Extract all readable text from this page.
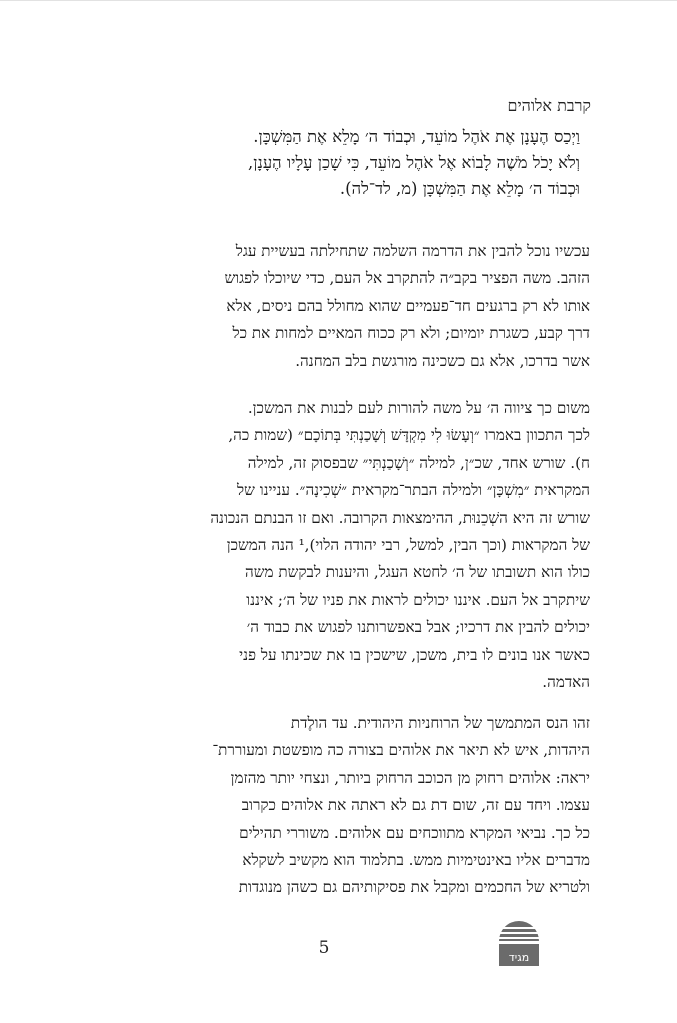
קרבת אלוהים
וַיְכַס הֶעָנָן אֶת אֹהֶל מוֹעֵד, וּכְבוֹד ה׳ מָלֵא אֶת הַמִּשְׁכָּן.
וְלֹא יָכֹל מֹשֶׁה לָבוֹא אֶל אֹהֶל מוֹעֵד, כִּי שָׁכַן עָלָיו הֶעָנָן,
וּכְבוֹד ה׳ מָלֵא אֶת הַמִּשְׁכָּן (מ, לד־לה).
עכשיו נוכל להבין את הדרמה השלמה שתחילתה בעשיית עגל
הזהב. משה הפציר בקב״ה להתקרב אל העם, כדי שיוכלו לפגוש
אותו לא רק ברגעים חד־פעמיים שהוא מחולל בהם ניסים, אלא
דרך קבע, כשגרת יומיום; ולא רק ככוח המאיים למחות את כל
אשר בדרכו, אלא גם כשכינה מורגשת בלב המחנה.
משום כך ציווה ה׳ על משה להורות לעם לבנות את המשכן.
לכך התכוון באמרו ״וְעָשׂוּ לִי מִקְדָּשׁ וְשָׁכַנְתִּי בְּתוֹכָם״ (שמות כה,
ח). שורש אחד, שכ״ן, למילה ״וְשָׁכַנְתִּי״ שבפסוק זה, למילה
המקראית ״מִשְׁכָּן״ ולמילה הבתר־מקראית ״שְׁכִינָה״. עניינו של
שורש זה היא השְׁכֵנוּת, ההימצאות הקרובה. ואם זו הבנתם הנכונה
של המקראות (וכך הבין, למשל, רבי יהודה הלוי),¹ הנה המשכן
כולו הוא תשובתו של ה׳ לחטא העגל, והיענות לבקשת משה
שיתקרב אל העם. איננו יכולים לראות את פניו של ה׳; איננו
יכולים להבין את דרכיו; אבל באפשרותנו לפגוש את כבוד ה׳
כאשר אנו בונים לו בית, משכן, שישכין בו את שכינתו על פני
האדמה.
זהו הנס המתמשך של הרוחניות היהודית. עד הולֶדת
היהדות, איש לא תיאר את אלוהים בצורה כה מופשטת ומעוררת־
יראה: אלוהים רחוק מן הכוכב הרחוק ביותר, ונצחי יותר מהזמן
עצמו. ויחד עם זה, שום דת גם לא ראתה את אלוהים כקרוב
כל כך. נביאי המקרא מתווכחים עם אלוהים. משוררי תהילים
מדברים אליו באינטימיות ממש. בתלמוד הוא מקשיב לשקלא
ולטריא של החכמים ומקבל את פסיקותיהם גם כשהן מנוגדות
5	מגיד
